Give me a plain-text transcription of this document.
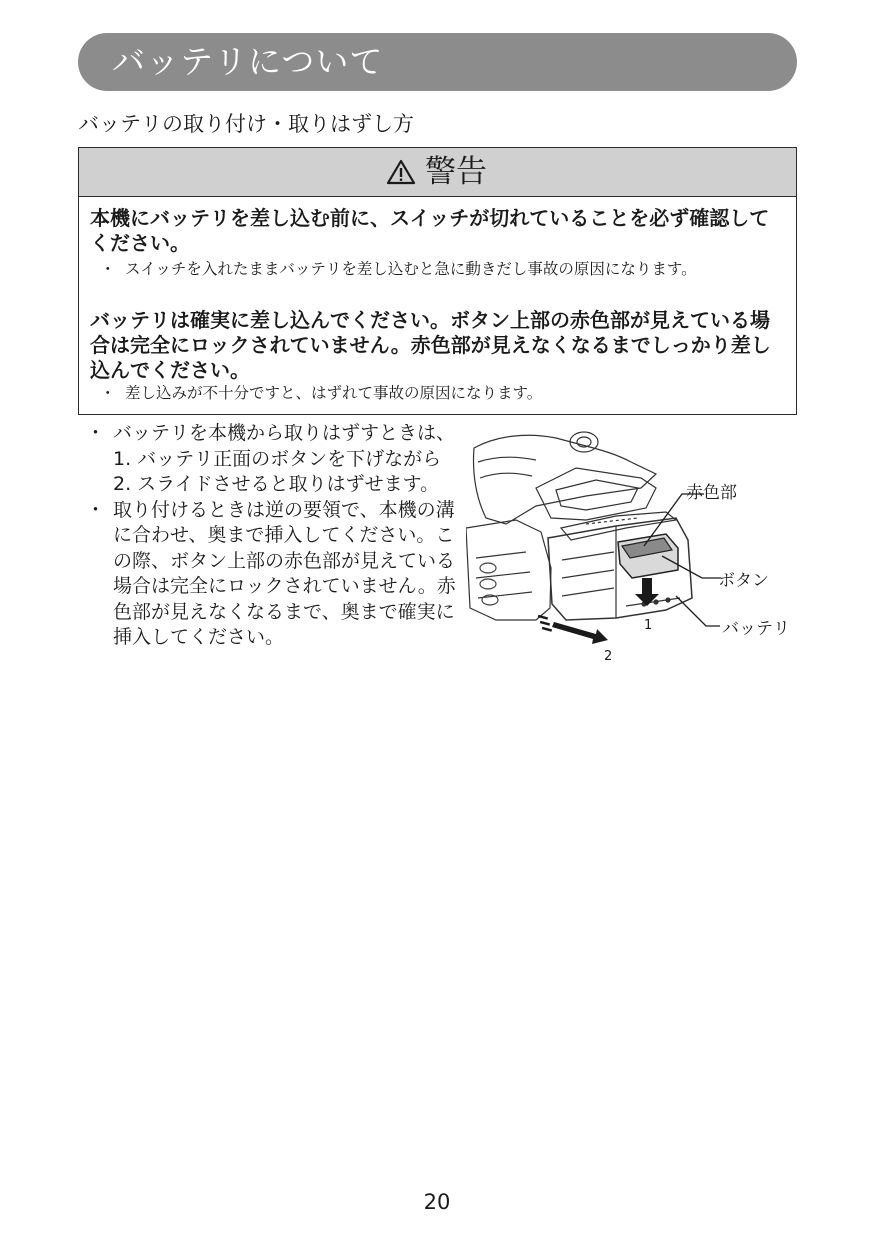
バッテリについて
バッテリの取り付け・取りはずし方
警告

本機にバッテリを差し込む前に、スイッチが切れていることを必ず確認してください。

・ スイッチを入れたままバッテリを差し込むと急に動きだし事故の原因になります。

バッテリは確実に差し込んでください。ボタン上部の赤色部が見えている場合は完全にロックされていません。赤色部が見えなくなるまでしっかり差し込んでください。

・ 差し込みが不十分ですと、はずれて事故の原因になります。

・ バッテリを本機から取りはずすときは、
1. バッテリ正面のボタンを下げながら
2. スライドさせると取りはずせます。

・ 取り付けるときは逆の要領で、本機の溝に合わせ、奥まで挿入してください。この際、ボタン上部の赤色部が見えている場合は完全にロックされていません。赤色部が見えなくなるまで、奥まで確実に挿入してください。

赤色部
ボタン
バッテリ
1
2
20
